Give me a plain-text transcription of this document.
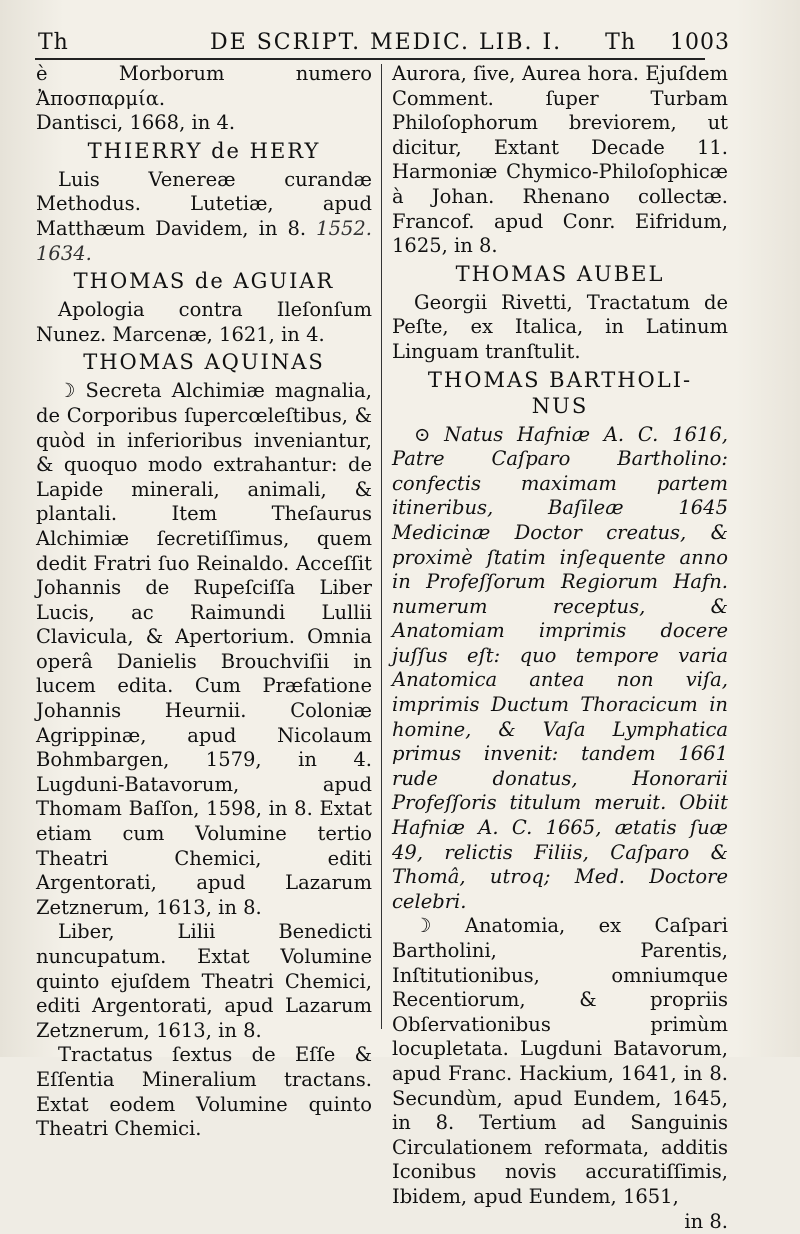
Th	DE SCRIPT. MEDIC. LIB. I.	Th 1003

è Morborum numero Ἀποσπαρμία.

Dantisci, 1668, in 4.

THIERRY de HERY

Luis Venereæ curandæ Methodus. Lutetiæ, apud Matthæum Davidem, in 8. 1552. 1634.

THOMAS de AGUIAR

Apologia contra Ileſonſum Nunez. Marcenæ, 1621, in 4.

THOMAS AQUINAS

☽ Secreta Alchimiæ magnalia, de Corporibus ſupercœleſtibus, & quòd in inferioribus inveniantur, & quoquo modo extrahantur: de Lapide minerali, animali, & plantali. Item Theſaurus Alchimiæ ſecretiſſimus, quem dedit Fratri ſuo Reinaldo. Acceſſit Johannis de Rupeſciſſa Liber Lucis, ac Raimundi Lullii Clavicula, & Apertorium. Omnia operâ Danielis Brouchviſii in lucem edita. Cum Præfatione Johannis Heurnii. Coloniæ Agrippinæ, apud Nicolaum Bohmbargen, 1579, in 4. Lugduni-Batavorum, apud Thomam Baſſon, 1598, in 8. Extat etiam cum Volumine tertio Theatri Chemici, editi Argentorati, apud Lazarum Zetznerum, 1613, in 8.

Liber, Lilii Benedicti nuncupatum. Extat Volumine quinto ejuſdem Theatri Chemici, editi Argentorati, apud Lazarum Zetznerum, 1613, in 8.

Tractatus ſextus de Eſſe & Eſſentia Mineralium tractans. Extat eodem Volumine quinto Theatri Chemici.

Aurora, ſive, Aurea hora. Ejuſdem Comment. ſuper Turbam Philoſophorum breviorem, ut dicitur, Extant Decade 11. Harmoniæ Chymico-Philoſophicæ à Johan. Rhenano collectæ. Francof. apud Conr. Eifridum, 1625, in 8.

THOMAS AUBEL

Georgii Rivetti, Tractatum de Peſte, ex Italica, in Latinum Linguam tranſtulit.

THOMAS BARTHOLI-
NUS

⊙ Natus Hafniæ A. C. 1616, Patre Caſparo Bartholino: confectis maximam partem itineribus, Baſileæ 1645 Medicinæ Doctor creatus, & proximè ſtatim inſequente anno in Profeſſorum Regiorum Hafn. numerum receptus, & Anatomiam imprimis docere juſſus eſt: quo tempore varia Anatomica antea non viſa, imprimis Ductum Thoracicum in homine, & Vaſa Lymphatica primus invenit: tandem 1661 rude donatus, Honorarii Profeſſoris titulum meruit. Obiit Hafniæ A. C. 1665, ætatis ſuæ 49, relictis Filiis, Caſparo & Thomâ, utroq; Med. Doctore celebri.

☽ Anatomia, ex Caſpari Bartholini, Parentis, Inſtitutionibus, omniumque Recentiorum, & propriis Obſervationibus primùm locupletata. Lugduni Batavorum, apud Franc. Hackium, 1641, in 8. Secundùm, apud Eundem, 1645, in 8. Tertium ad Sanguinis Circulationem reformata, additis Iconibus novis accuratiſſimis, Ibidem, apud Eundem, 1651,

in 8.
